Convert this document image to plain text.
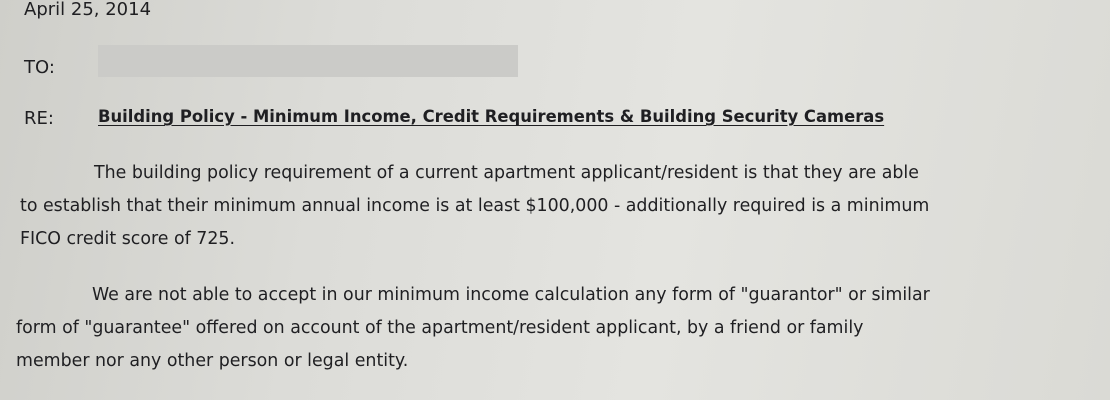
April 25, 2014
TO:
RE:	Building Policy - Minimum Income, Credit Requirements & Building Security Cameras
The building policy requirement of a current apartment applicant/resident is that they are able
to establish that their minimum annual income is at least $100,000 - additionally required is a minimum
FICO credit score of 725.
We are not able to accept in our minimum income calculation any form of "guarantor" or similar
form of "guarantee" offered on account of the apartment/resident applicant, by a friend or family
member nor any other person or legal entity.
